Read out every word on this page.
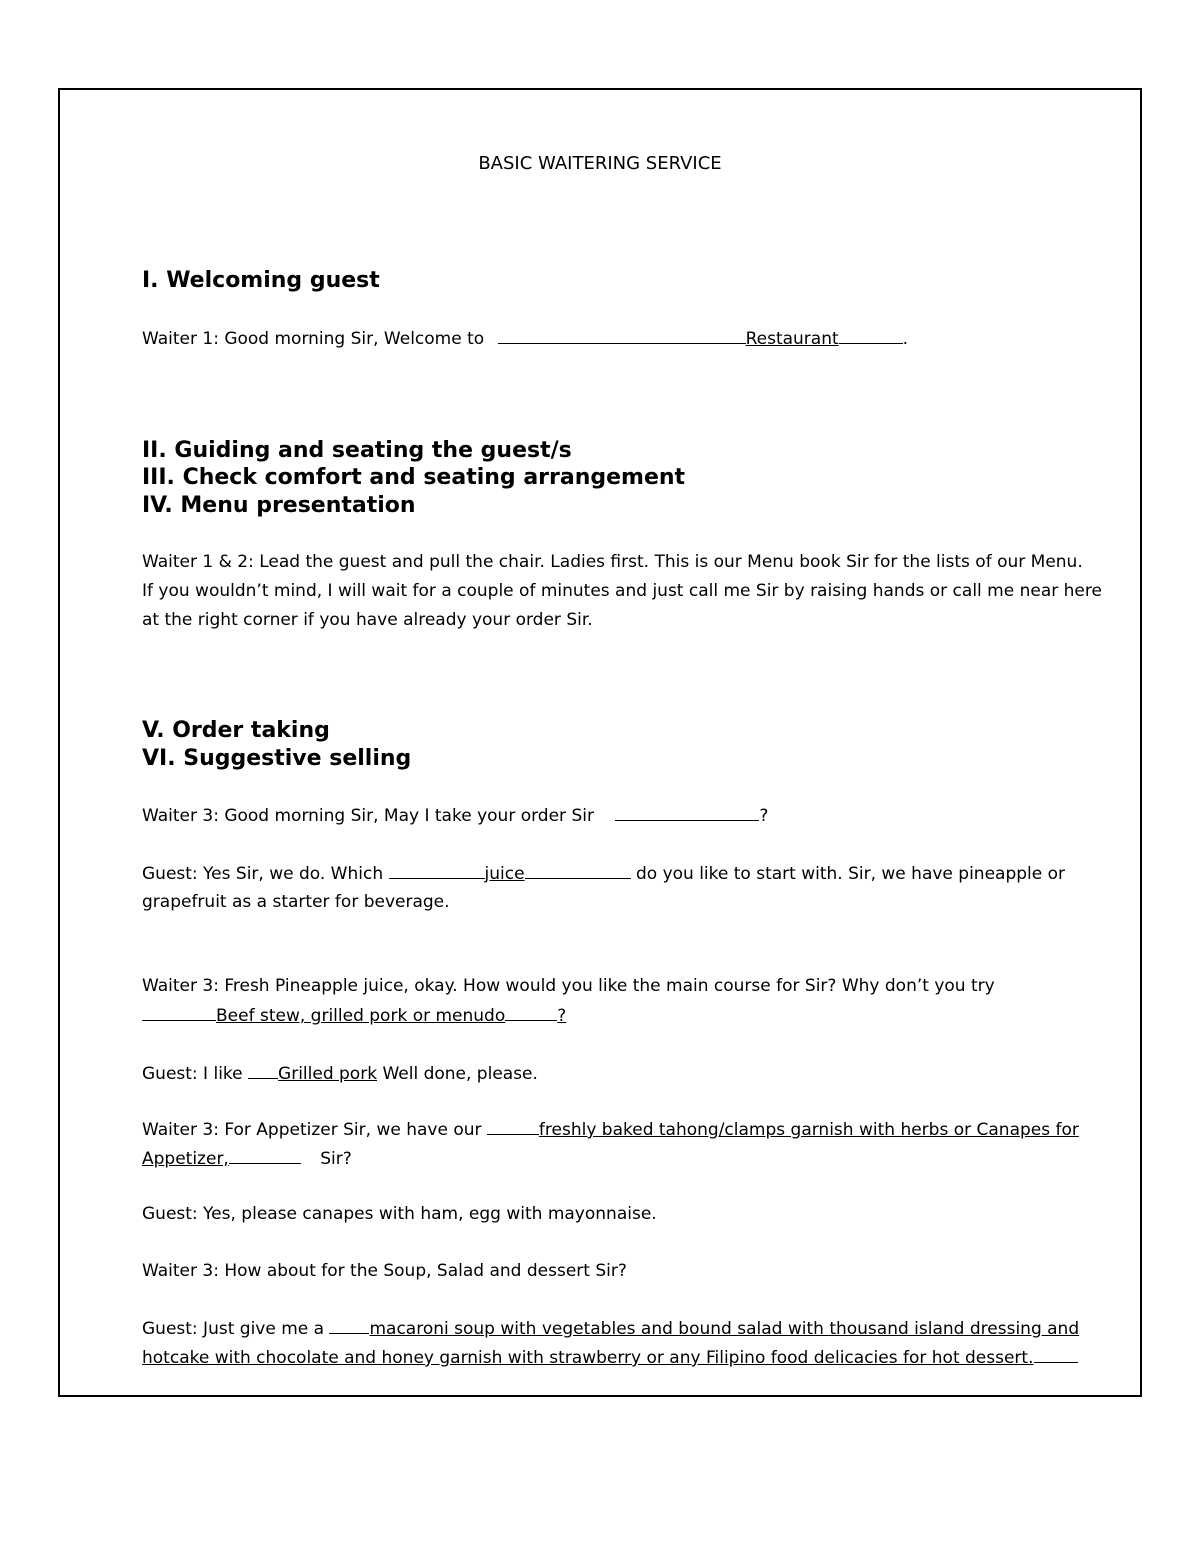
BASIC WAITERING SERVICE
I. Welcoming guest
Waiter 1: Good morning Sir, Welcome to	Restaurant	.
II. Guiding and seating the guest/s
III. Check comfort and seating arrangement
IV. Menu presentation
Waiter 1 & 2: Lead the guest and pull the chair. Ladies first. This is our Menu book Sir for the lists of our Menu.
If you wouldn’t mind, I will wait for a couple of minutes and just call me Sir by raising hands or call me near here
at the right corner if you have already your order Sir.
V. Order taking
VI. Suggestive selling
Waiter 3: Good morning Sir, May I take your order Sir	?
Guest: Yes Sir, we do. Which	juice	do you like to start with. Sir, we have pineapple or
grapefruit as a starter for beverage.
Waiter 3: Fresh Pineapple juice, okay. How would you like the main course for Sir? Why don’t you try
Beef stew, grilled pork or menudo	?
Guest: I like Grilled pork Well done, please.
Waiter 3: For Appetizer Sir, we have our	freshly baked tahong/clamps garnish with herbs or Canapes for
Appetizer,	Sir?
Guest: Yes, please canapes with ham, egg with mayonnaise.
Waiter 3: How about for the Soup, Salad and dessert Sir?
Guest: Just give me a	macaroni soup with vegetables and bound salad with thousand island dressing and
hotcake with chocolate and honey garnish with strawberry or any Filipino food delicacies for hot dessert.
